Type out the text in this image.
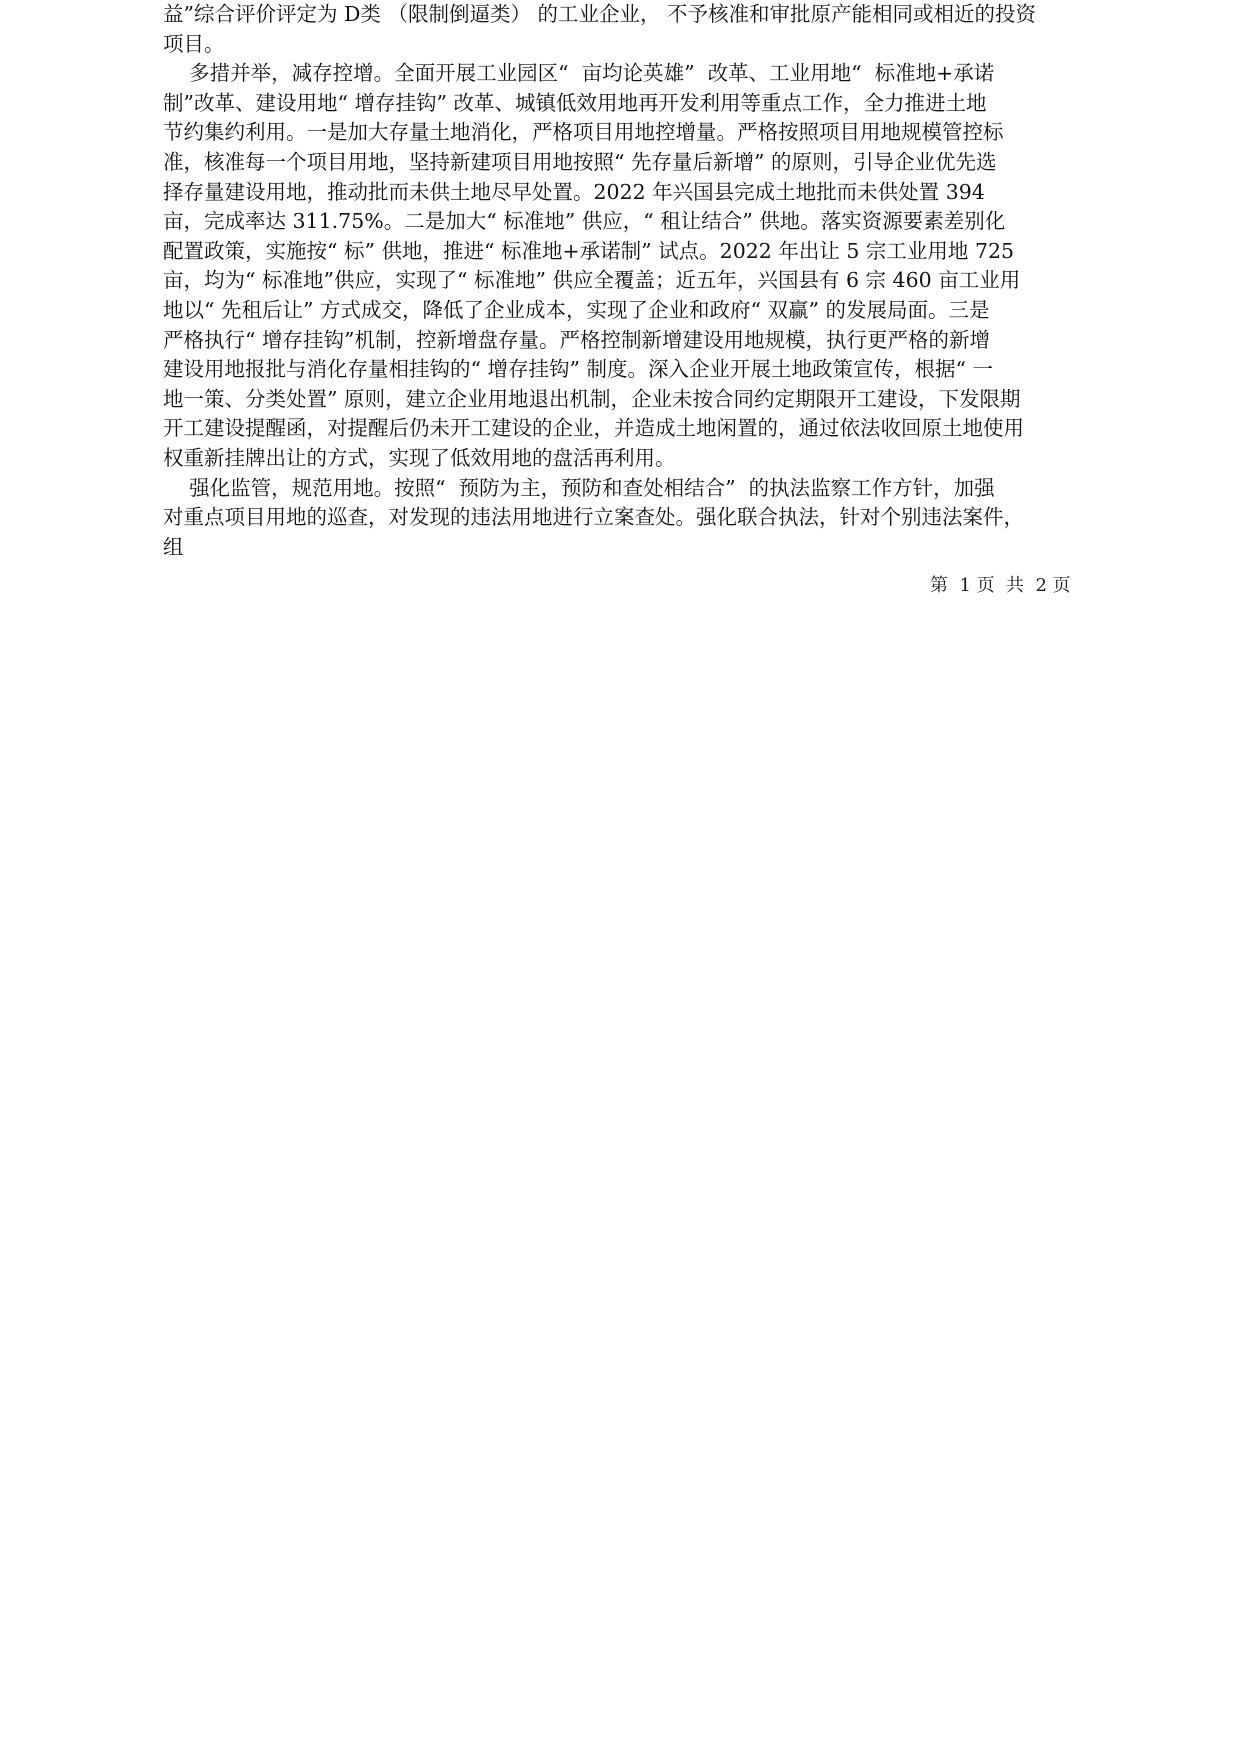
益”综合评价评定为 D类 （限制倒逼类） 的工业企业， 不予核准和审批原产能相同或相近的投资
项目。
多措并举，减存控增。全面开展工业园区“  亩均论英雄”  改革、工业用地“  标准地+承诺
制”改革、建设用地“ 增存挂钩” 改革、城镇低效用地再开发利用等重点工作，全力推进土地
节约集约利用。一是加大存量土地消化，严格项目用地控增量。严格按照项目用地规模管控标
准，核准每一个项目用地，坚持新建项目用地按照“ 先存量后新增” 的原则，引导企业优先选
择存量建设用地，推动批而未供土地尽早处置。2022 年兴国县完成土地批而未供处置 394
亩，完成率达 311.75%。二是加大“ 标准地” 供应，“ 租让结合” 供地。落实资源要素差别化
配置政策，实施按“ 标” 供地，推进“ 标准地+承诺制” 试点。2022 年出让 5 宗工业用地 725
亩，均为“ 标准地”供应，实现了“ 标准地” 供应全覆盖；近五年，兴国县有 6 宗 460 亩工业用
地以“ 先租后让” 方式成交，降低了企业成本，实现了企业和政府“ 双赢” 的发展局面。三是
严格执行“ 增存挂钩”机制，控新增盘存量。严格控制新增建设用地规模，执行更严格的新增
建设用地报批与消化存量相挂钩的“ 增存挂钩” 制度。深入企业开展土地政策宣传，根据“ 一
地一策、分类处置” 原则，建立企业用地退出机制，企业未按合同约定期限开工建设，下发限期
开工建设提醒函，对提醒后仍未开工建设的企业，并造成土地闲置的，通过依法收回原土地使用
权重新挂牌出让的方式，实现了低效用地的盘活再利用。
强化监管，规范用地。按照“  预防为主，预防和查处相结合”  的执法监察工作方针，加强
对重点项目用地的巡查，对发现的违法用地进行立案查处。强化联合执法，针对个别违法案件，
组
第  1 页  共  2 页
